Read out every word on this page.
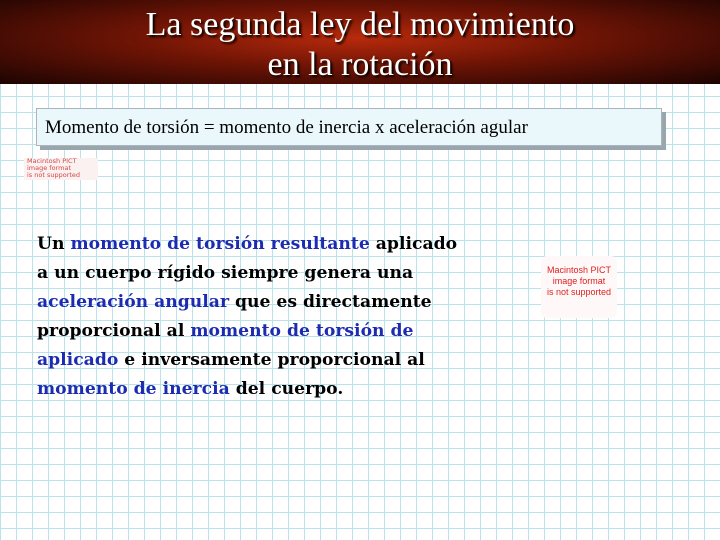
La segunda ley del movimiento
en la rotación
Momento de torsión = momento de inercia x aceleración agular
Macintosh PICT
image format
is not supported
Un momento de torsión resultante aplicado
a un cuerpo rígido siempre genera una
aceleración angular que es directamente
proporcional al momento de torsión de
aplicado e inversamente proporcional al
momento de inercia del cuerpo.
Macintosh PICT
image format
is not supported
